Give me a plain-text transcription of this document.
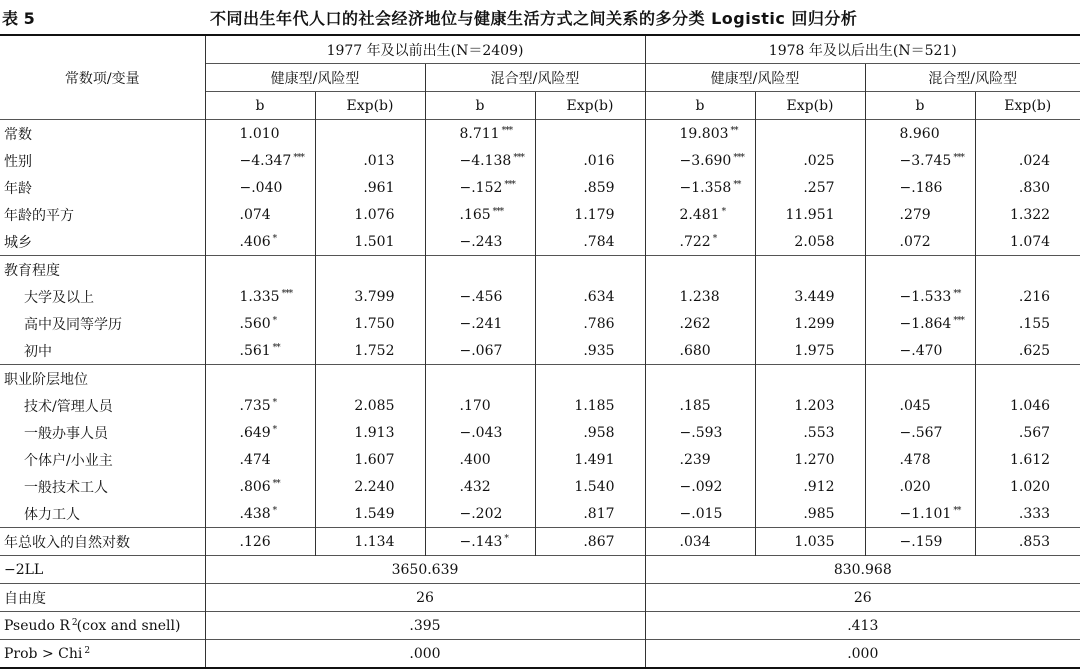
表 5	不同出生年代人口的社会经济地位与健康生活方式之间关系的多分类 Logistic 回归分析
常数项/变量	1977 年及以前出生(N＝2409)				1978 年及以后出生(N＝521)			
	健康型/风险型		混合型/风险型		健康型/风险型		混合型/风险型	
	b	Exp(b)	b	Exp(b)	b	Exp(b)	b	Exp(b)
常数	1.010		8.711 ***		19.803 **		8.960	
性别	−4.347 ***	.013	−4.138 ***	.016	−3.690 ***	.025	−3.745 ***	.024
年龄	−.040	.961	−.152 ***	.859	−1.358 **	.257	−.186	.830
年龄的平方	.074	1.076	.165 ***	1.179	2.481 *	11.951	.279	1.322
城乡	.406 *	1.501	−.243	.784	.722 *	2.058	.072	1.074
教育程度								
大学及以上	1.335 ***	3.799	−.456	.634	1.238	3.449	−1.533 **	.216
高中及同等学历	.560 *	1.750	−.241	.786	.262	1.299	−1.864 ***	.155
初中	.561 **	1.752	−.067	.935	.680	1.975	−.470	.625
职业阶层地位								
技术/管理人员	.735 *	2.085	.170	1.185	.185	1.203	.045	1.046
一般办事人员	.649 *	1.913	−.043	.958	−.593	.553	−.567	.567
个体户/小业主	.474	1.607	.400	1.491	.239	1.270	.478	1.612
一般技术工人	.806 **	2.240	.432	1.540	−.092	.912	.020	1.020
体力工人	.438 *	1.549	−.202	.817	−.015	.985	−1.101 **	.333
年总收入的自然对数	.126	1.134	−.143 *	.867	.034	1.035	−.159	.853
−2LL	3650.639				830.968			
自由度	26				26			
Pseudo R $^2$(cox and snell)	.395				.413			
Prob > Chi $^2$	.000				.000			
